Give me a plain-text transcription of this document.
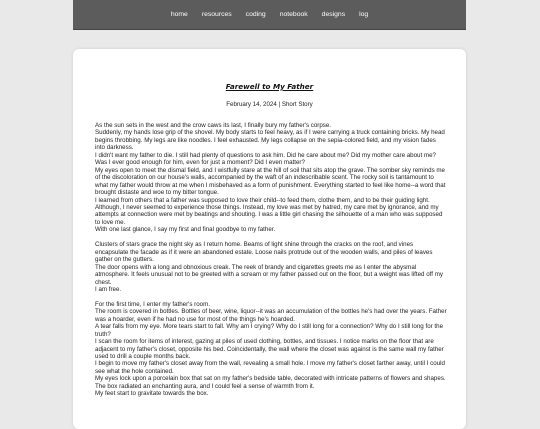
home	resources	coding	notebook	designs	log
Farewell to My Father
February 14, 2024 | Short Story

As the sun sets in the west and the crow caws its last, I finally bury my father's corpse.

Suddenly, my hands lose grip of the shovel. My body starts to feel heavy, as if I were carrying a truck containing bricks. My head begins throbbing. My legs are like noodles. I feel exhausted. My legs collapse on the sepia-colored field, and my vision fades into darkness.

I didn't want my father to die. I still had plenty of questions to ask him. Did he care about me? Did my mother care about me? Was I ever good enough for him, even for just a moment? Did I even matter?

My eyes open to meet the dismal field, and I wistfully stare at the hill of soil that sits atop the grave. The somber sky reminds me of the discoloration on our house's walls, accompanied by the waft of an indescribable scent. The rocky soil is tantamount to what my father would throw at me when I misbehaved as a form of punishment. Everything started to feel like home--a word that brought distaste and woe to my bitter tongue.

I learned from others that a father was supposed to love their child--to feed them, clothe them, and to be their guiding light. Although, I never seemed to experience those things. Instead, my love was met by hatred, my care met by ignorance, and my attempts at connection were met by beatings and shouting. I was a little girl chasing the silhouette of a man who was supposed to love me.

With one last glance, I say my first and final goodbye to my father.

Clusters of stars grace the night sky as I return home. Beams of light shine through the cracks on the roof, and vines encapsulate the facade as if it were an abandoned estate. Loose nails protrude out of the wooden walls, and piles of leaves gather on the gutters.

The door opens with a long and obnoxious creak. The reek of brandy and cigarettes greets me as I enter the abysmal atmosphere. It feels unusual not to be greeted with a scream or my father passed out on the floor, but a weight was lifted off my chest.

I am free.

For the first time, I enter my father's room.

The room is covered in bottles. Bottles of beer, wine, liquor--it was an accumulation of the bottles he's had over the years. Father was a hoarder, even if he had no use for most of the things he's hoarded.

A tear falls from my eye. More tears start to fall. Why am I crying? Why do I still long for a connection? Why do I still long for the truth?

I scan the room for items of interest, gazing at piles of used clothing, bottles, and tissues. I notice marks on the floor that are adjacent to my father's closet, opposite his bed. Coincidentally, the wall where the closet was against is the same wall my father used to drill a couple months back.

I begin to move my father's closet away from the wall, revealing a small hole. I move my father's closet farther away, until I could see what the hole contained.

My eyes lock upon a porcelain box that sat on my father's bedside table, decorated with intricate patterns of flowers and shapes. The box radiated an enchanting aura, and I could feel a sense of warmth from it.

My feet start to gravitate towards the box.
